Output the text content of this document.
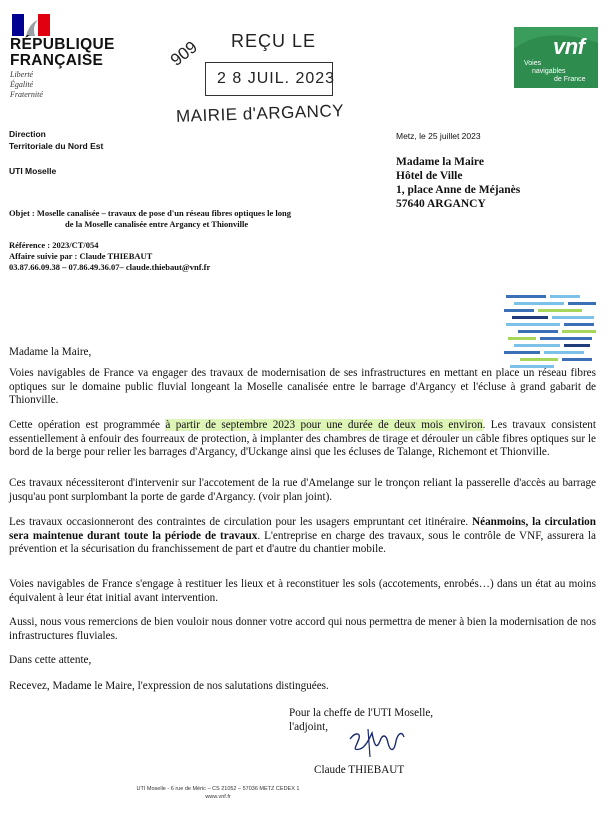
RÉPUBLIQUE
FRANÇAISE
Liberté
Égalité
Fraternité
909 REÇU LE
2 8 JUIL. 2023
MAIRIE d'ARGANCY
vnf
Voies
navigables
de France
Direction
Territoriale du Nord Est
UTI Moselle
Metz, le 25 juillet 2023
Madame la Maire
Hôtel de Ville
1, place Anne de Méjanès
57640 ARGANCY
Objet : Moselle canalisée – travaux de pose d'un réseau fibres optiques le long
de la Moselle canalisée entre Argancy et Thionville
Référence : 2023/CT/054
Affaire suivie par : Claude THIEBAUT
03.87.66.09.38 – 07.86.49.36.07– claude.thiebaut@vnf.fr
Madame la Maire,
Voies navigables de France va engager des travaux de modernisation de ses infrastructures en mettant en place un réseau fibres optiques sur le domaine public fluvial longeant la Moselle canalisée entre le barrage d'Argancy et l'écluse à grand gabarit de Thionville.
Cette opération est programmée à partir de septembre 2023 pour une durée de deux mois environ. Les travaux consistent essentiellement à enfouir des fourreaux de protection, à implanter des chambres de tirage et dérouler un câble fibres optiques sur le bord de la berge pour relier les barrages d'Argancy, d'Uckange ainsi que les écluses de Talange, Richemont et Thionville.
Ces travaux nécessiteront d'intervenir sur l'accotement de la rue d'Amelange sur le tronçon reliant la passerelle d'accès au barrage jusqu'au pont surplombant la porte de garde d'Argancy. (voir plan joint).
Les travaux occasionneront des contraintes de circulation pour les usagers empruntant cet itinéraire. Néanmoins, la circulation sera maintenue durant toute la période de travaux. L'entreprise en charge des travaux, sous le contrôle de VNF, assurera la prévention et la sécurisation du franchissement de part et d'autre du chantier mobile.
Voies navigables de France s'engage à restituer les lieux et à reconstituer les sols (accotements, enrobés…) dans un état au moins équivalent à leur état initial avant intervention.
Aussi, nous vous remercions de bien vouloir nous donner votre accord qui nous permettra de mener à bien la modernisation de nos infrastructures fluviales.
Dans cette attente,
Recevez, Madame le Maire, l'expression de nos salutations distinguées.
Pour la cheffe de l'UTI Moselle,
l'adjoint,
Claude THIEBAUT
UTI Moselle - 6 rue de Méric – CS 21052 – 57036 METZ CEDEX 1
www.vnf.fr
